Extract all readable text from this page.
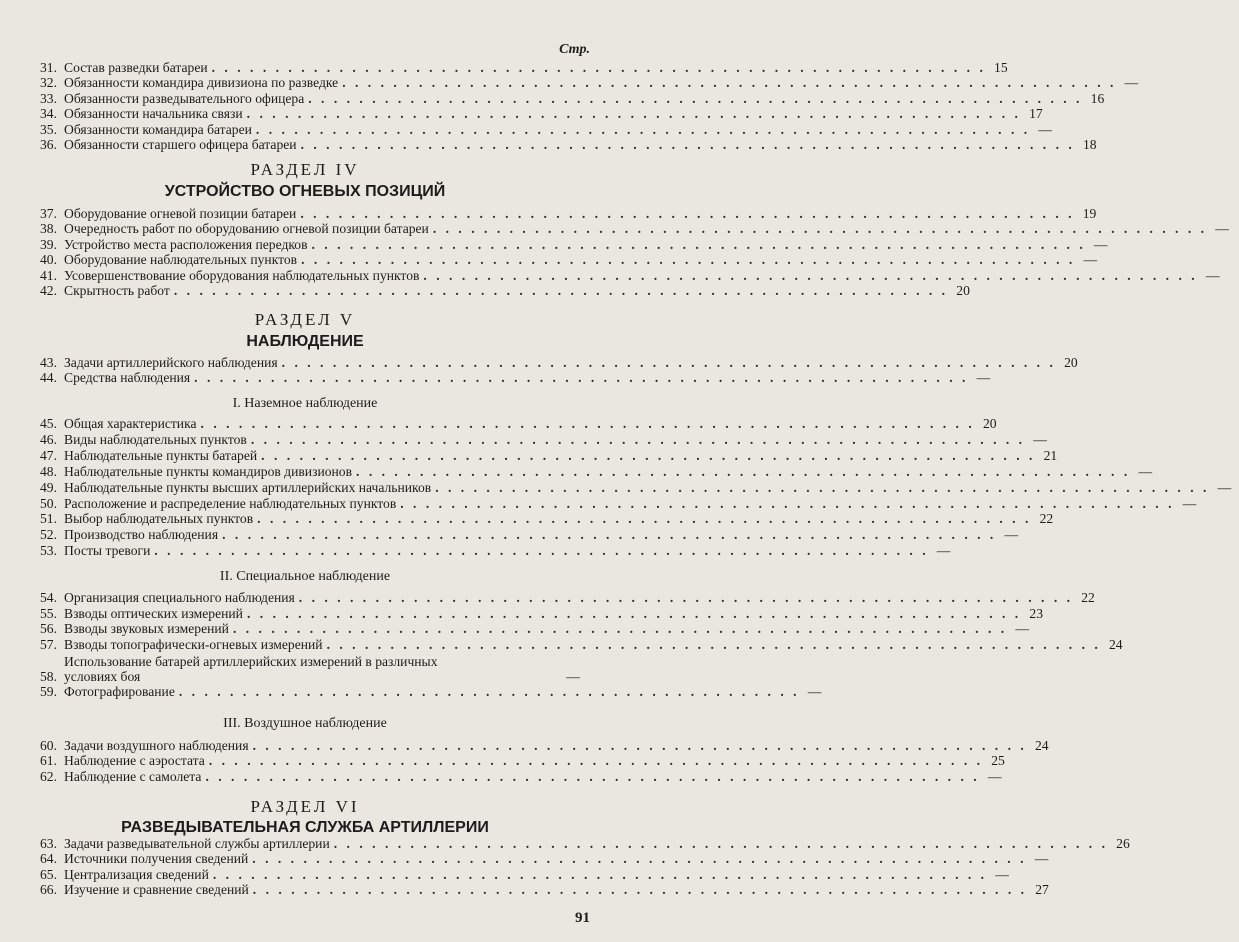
Стр.
31. Состав разведки батареи . . . . . . . . . . . . . . . . . . . . . . . . . . . . . . . . . . . . . . . . . . . . . . . . . . . . . . . . . . . . . 15
32. Обязанности командира дивизиона по разведке . . . . . . . . . . . . . . . . . . . . . . . . . . . . . . . . . . . . . . . . . . . . . . . . . . . . . . . . . . . . . —
33. Обязанности разведывательного офицера . . . . . . . . . . . . . . . . . . . . . . . . . . . . . . . . . . . . . . . . . . . . . . . . . . . . . . . . . . . . . 16
34. Обязанности начальника связи . . . . . . . . . . . . . . . . . . . . . . . . . . . . . . . . . . . . . . . . . . . . . . . . . . . . . . . . . . . . . 17
35. Обязанности командира батареи . . . . . . . . . . . . . . . . . . . . . . . . . . . . . . . . . . . . . . . . . . . . . . . . . . . . . . . . . . . . . —
36. Обязанности старшего офицера батареи . . . . . . . . . . . . . . . . . . . . . . . . . . . . . . . . . . . . . . . . . . . . . . . . . . . . . . . . . . . . . 18
РАЗДЕЛ IV
УСТРОЙСТВО ОГНЕВЫХ ПОЗИЦИЙ
37. Оборудование огневой позиции батареи . . . . . . . . . . . . . . . . . . . . . . . . . . . . . . . . . . . . . . . . . . . . . . . . . . . . . . . . . . . . . 19
38. Очередность работ по оборудованию огневой позиции батареи . . . . . . . . . . . . . . . . . . . . . . . . . . . . . . . . . . . . . . . . . . . . . . . . . . . . . . . . . . . . . —
39. Устройство места расположения передков . . . . . . . . . . . . . . . . . . . . . . . . . . . . . . . . . . . . . . . . . . . . . . . . . . . . . . . . . . . . . —
40. Оборудование наблюдательных пунктов . . . . . . . . . . . . . . . . . . . . . . . . . . . . . . . . . . . . . . . . . . . . . . . . . . . . . . . . . . . . . —
41. Усовершенствование оборудования наблюдательных пунктов . . . . . . . . . . . . . . . . . . . . . . . . . . . . . . . . . . . . . . . . . . . . . . . . . . . . . . . . . . . . . —
42. Скрытность работ . . . . . . . . . . . . . . . . . . . . . . . . . . . . . . . . . . . . . . . . . . . . . . . . . . . . . . . . . . . . . 20
РАЗДЕЛ V
НАБЛЮДЕНИЕ
43. Задачи артиллерийского наблюдения . . . . . . . . . . . . . . . . . . . . . . . . . . . . . . . . . . . . . . . . . . . . . . . . . . . . . . . . . . . . . 20
44. Средства наблюдения . . . . . . . . . . . . . . . . . . . . . . . . . . . . . . . . . . . . . . . . . . . . . . . . . . . . . . . . . . . . . —
I. Наземное наблюдение
45. Общая характеристика . . . . . . . . . . . . . . . . . . . . . . . . . . . . . . . . . . . . . . . . . . . . . . . . . . . . . . . . . . . . . 20
46. Виды наблюдательных пунктов . . . . . . . . . . . . . . . . . . . . . . . . . . . . . . . . . . . . . . . . . . . . . . . . . . . . . . . . . . . . . —
47. Наблюдательные пункты батарей . . . . . . . . . . . . . . . . . . . . . . . . . . . . . . . . . . . . . . . . . . . . . . . . . . . . . . . . . . . . . 21
48. Наблюдательные пункты командиров дивизионов . . . . . . . . . . . . . . . . . . . . . . . . . . . . . . . . . . . . . . . . . . . . . . . . . . . . . . . . . . . . . —
49. Наблюдательные пункты высших артиллерийских начальников . . . . . . . . . . . . . . . . . . . . . . . . . . . . . . . . . . . . . . . . . . . . . . . . . . . . . . . . . . . . . —
50. Расположение и распределение наблюдательных пунктов . . . . . . . . . . . . . . . . . . . . . . . . . . . . . . . . . . . . . . . . . . . . . . . . . . . . . . . . . . . . . —
51. Выбор наблюдательных пунктов . . . . . . . . . . . . . . . . . . . . . . . . . . . . . . . . . . . . . . . . . . . . . . . . . . . . . . . . . . . . . 22
52. Производство наблюдения . . . . . . . . . . . . . . . . . . . . . . . . . . . . . . . . . . . . . . . . . . . . . . . . . . . . . . . . . . . . . —
53. Посты тревоги . . . . . . . . . . . . . . . . . . . . . . . . . . . . . . . . . . . . . . . . . . . . . . . . . . . . . . . . . . . . . —
II. Специальное наблюдение
54. Организация специального наблюдения . . . . . . . . . . . . . . . . . . . . . . . . . . . . . . . . . . . . . . . . . . . . . . . . . . . . . . . . . . . . . 22
55. Взводы оптических измерений . . . . . . . . . . . . . . . . . . . . . . . . . . . . . . . . . . . . . . . . . . . . . . . . . . . . . . . . . . . . . 23
56. Взводы звуковых измерений . . . . . . . . . . . . . . . . . . . . . . . . . . . . . . . . . . . . . . . . . . . . . . . . . . . . . . . . . . . . . —
57. Взводы топографически-огневых измерений . . . . . . . . . . . . . . . . . . . . . . . . . . . . . . . . . . . . . . . . . . . . . . . . . . . . . . . . . . . . . 24
58.
Использование батарей артиллерийских измерений в различных
условиях боя	—
59. Фотографирование . . . . . . . . . . . . . . . . . . . . . . . . . . . . . . . . . . . . . . . . . . . . . . . . . —
III. Воздушное наблюдение
60. Задачи воздушного наблюдения . . . . . . . . . . . . . . . . . . . . . . . . . . . . . . . . . . . . . . . . . . . . . . . . . . . . . . . . . . . . . 24
61. Наблюдение с аэростата . . . . . . . . . . . . . . . . . . . . . . . . . . . . . . . . . . . . . . . . . . . . . . . . . . . . . . . . . . . . . 25
62. Наблюдение с самолета . . . . . . . . . . . . . . . . . . . . . . . . . . . . . . . . . . . . . . . . . . . . . . . . . . . . . . . . . . . . . —
РАЗДЕЛ VI
РАЗВЕДЫВАТЕЛЬНАЯ СЛУЖБА АРТИЛЛЕРИИ
63. Задачи разведывательной службы артиллерии . . . . . . . . . . . . . . . . . . . . . . . . . . . . . . . . . . . . . . . . . . . . . . . . . . . . . . . . . . . . . 26
64. Источники получения сведений . . . . . . . . . . . . . . . . . . . . . . . . . . . . . . . . . . . . . . . . . . . . . . . . . . . . . . . . . . . . . —
65. Централизация сведений . . . . . . . . . . . . . . . . . . . . . . . . . . . . . . . . . . . . . . . . . . . . . . . . . . . . . . . . . . . . . —
66. Изучение и сравнение сведений . . . . . . . . . . . . . . . . . . . . . . . . . . . . . . . . . . . . . . . . . . . . . . . . . . . . . . . . . . . . . 27
91
